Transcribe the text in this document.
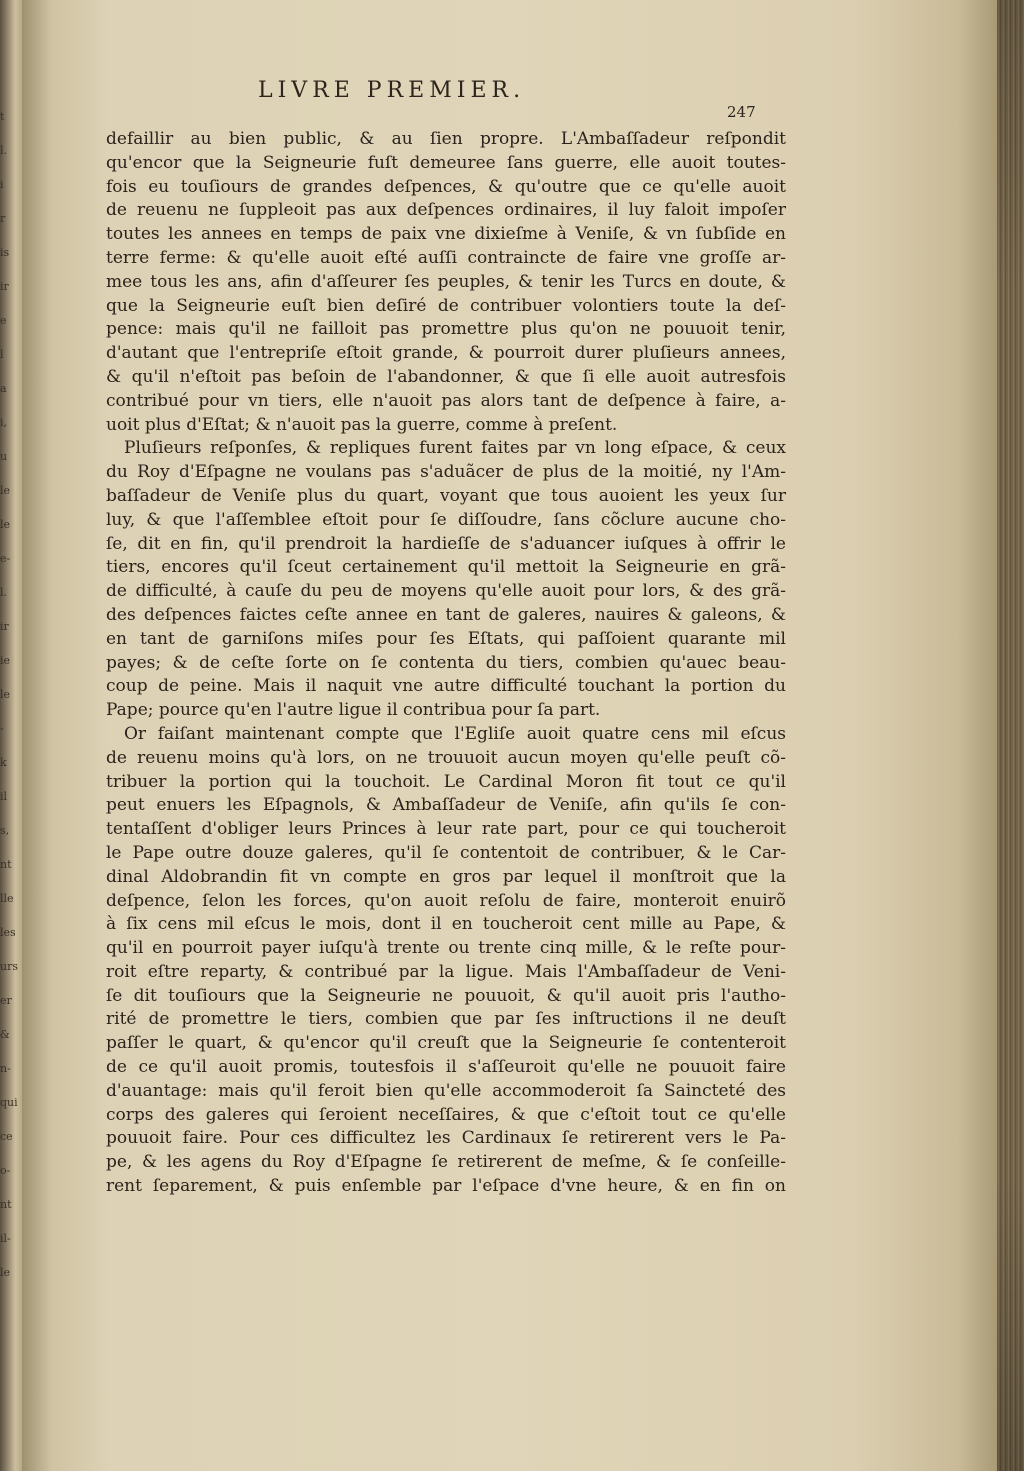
t
l.
i
r
is
ir
e
l
a
i,
u
le
le
e-
l.
ir
ie
le
-
k
il
s,
nt
lle
les
urs
er
&
n-
qui
ce
o-
nt
il-
le
LIVRE PREMIER.
247
defaillir au bien public, & au ſien propre. L'Ambaſſadeur reſpondit
qu'encor que la Seigneurie fuſt demeuree ſans guerre, elle auoit toutes-
fois eu touſiours de grandes deſpences, & qu'outre que ce qu'elle auoit
de reuenu ne ſuppleoit pas aux deſpences ordinaires, il luy faloit impoſer
toutes les annees en temps de paix vne dixieſme à Veniſe, & vn ſubſide en
terre ferme: & qu'elle auoit eſté auſſi contraincte de faire vne groſſe ar-
mee tous les ans, afin d'aſſeurer ſes peuples, & tenir les Turcs en doute, &
que la Seigneurie euſt bien deſiré de contribuer volontiers toute la deſ-
pence: mais qu'il ne failloit pas promettre plus qu'on ne pouuoit tenir,
d'autant que l'entrepriſe eſtoit grande, & pourroit durer pluſieurs annees,
& qu'il n'eſtoit pas beſoin de l'abandonner, & que ſi elle auoit autresfois
contribué pour vn tiers, elle n'auoit pas alors tant de deſpence à faire, a-
uoit plus d'Eſtat; & n'auoit pas la guerre, comme à preſent.
Pluſieurs reſponſes, & repliques furent faites par vn long eſpace, & ceux
du Roy d'Eſpagne ne voulans pas s'aduãcer de plus de la moitié, ny l'Am-
baſſadeur de Veniſe plus du quart, voyant que tous auoient les yeux ſur
luy, & que l'aſſemblee eſtoit pour ſe diſſoudre, ſans cõclure aucune cho-
ſe, dit en fin, qu'il prendroit la hardieſſe de s'aduancer iuſques à offrir le
tiers, encores qu'il ſceut certainement qu'il mettoit la Seigneurie en grã-
de difficulté, à cauſe du peu de moyens qu'elle auoit pour lors, & des grã-
des deſpences faictes ceſte annee en tant de galeres, nauires & galeons, &
en tant de garniſons miſes pour ſes Eſtats, qui paſſoient quarante mil
payes; & de ceſte ſorte on ſe contenta du tiers, combien qu'auec beau-
coup de peine. Mais il naquit vne autre difficulté touchant la portion du
Pape; pource qu'en l'autre ligue il contribua pour ſa part.
Or faiſant maintenant compte que l'Egliſe auoit quatre cens mil eſcus
de reuenu moins qu'à lors, on ne trouuoit aucun moyen qu'elle peuſt cõ-
tribuer la portion qui la touchoit. Le Cardinal Moron fit tout ce qu'il
peut enuers les Eſpagnols, & Ambaſſadeur de Veniſe, afin qu'ils ſe con-
tentaſſent d'obliger leurs Princes à leur rate part, pour ce qui toucheroit
le Pape outre douze galeres, qu'il ſe contentoit de contribuer, & le Car-
dinal Aldobrandin fit vn compte en gros par lequel il monſtroit que la
deſpence, ſelon les forces, qu'on auoit reſolu de faire, monteroit enuirõ
à ſix cens mil eſcus le mois, dont il en toucheroit cent mille au Pape, &
qu'il en pourroit payer iuſqu'à trente ou trente cinq mille, & le reſte pour-
roit eſtre reparty, & contribué par la ligue. Mais l'Ambaſſadeur de Veni-
ſe dit touſiours que la Seigneurie ne pouuoit, & qu'il auoit pris l'autho-
rité de promettre le tiers, combien que par ſes inſtructions il ne deuſt
paſſer le quart, & qu'encor qu'il creuſt que la Seigneurie ſe contenteroit
de ce qu'il auoit promis, toutesfois il s'aſſeuroit qu'elle ne pouuoit faire
d'auantage: mais qu'il feroit bien qu'elle accommoderoit ſa Saincteté des
corps des galeres qui ſeroient neceſſaires, & que c'eſtoit tout ce qu'elle
pouuoit faire. Pour ces difficultez les Cardinaux ſe retirerent vers le Pa-
pe, & les agens du Roy d'Eſpagne ſe retirerent de meſme, & ſe conſeille-
rent ſeparement, & puis enſemble par l'eſpace d'vne heure, & en fin on
